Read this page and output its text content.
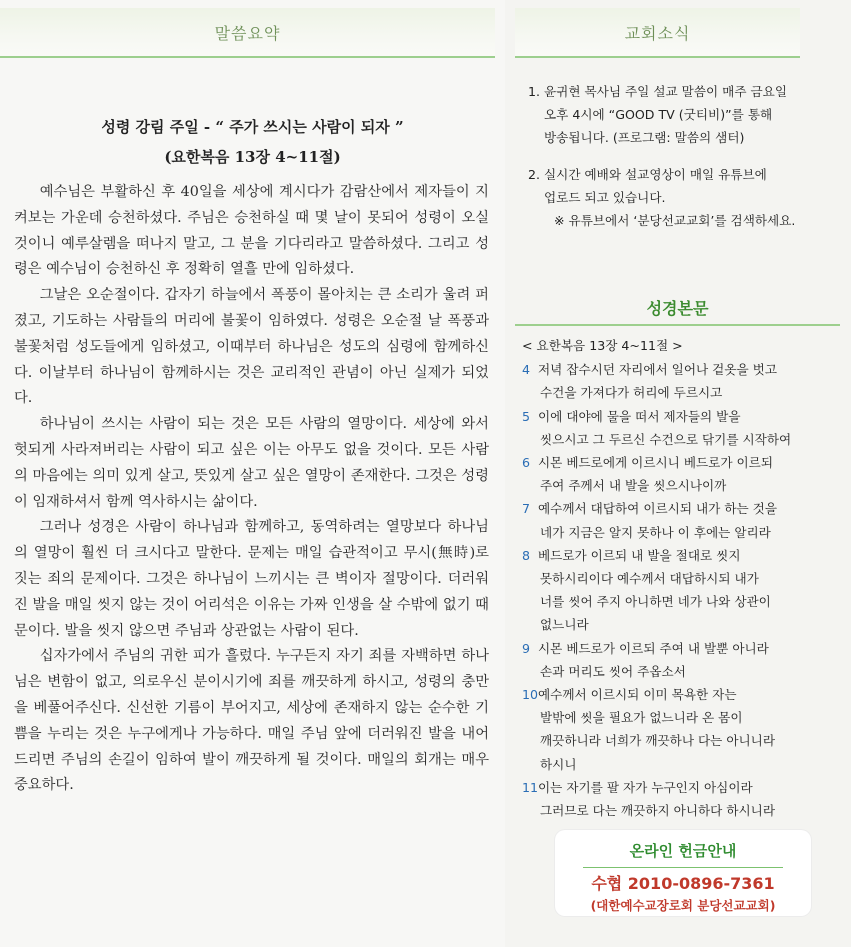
말씀요약	교회소식
성령 강림 주일 - “ 주가 쓰시는 사람이 되자 ”
(요한복음 13장 4~11절)

예수님은 부활하신 후 40일을 세상에 계시다가 감람산에서 제자들이 지켜보는 가운데 승천하셨다. 주님은 승천하실 때 몇 날이 못되어 성령이 오실 것이니 예루살렘을 떠나지 말고, 그 분을 기다리라고 말씀하셨다. 그리고 성령은 예수님이 승천하신 후 정확히 열흘 만에 임하셨다.

그날은 오순절이다. 갑자기 하늘에서 폭풍이 몰아치는 큰 소리가 울려 퍼졌고, 기도하는 사람들의 머리에 불꽃이 임하였다. 성령은 오순절 날 폭풍과 불꽃처럼 성도들에게 임하셨고, 이때부터 하나님은 성도의 심령에 함께하신다. 이날부터 하나님이 함께하시는 것은 교리적인 관념이 아닌 실제가 되었다.

하나님이 쓰시는 사람이 되는 것은 모든 사람의 열망이다. 세상에 와서 헛되게 사라져버리는 사람이 되고 싶은 이는 아무도 없을 것이다. 모든 사람의 마음에는 의미 있게 살고, 뜻있게 살고 싶은 열망이 존재한다. 그것은 성령이 임재하셔서 함께 역사하시는 삶이다.

그러나 성경은 사람이 하나님과 함께하고, 동역하려는 열망보다 하나님의 열망이 훨씬 더 크시다고 말한다. 문제는 매일 습관적이고 무시(無時)로 짓는 죄의 문제이다. 그것은 하나님이 느끼시는 큰 벽이자 절망이다. 더러워진 발을 매일 씻지 않는 것이 어리석은 이유는 가짜 인생을 살 수밖에 없기 때문이다. 발을 씻지 않으면 주님과 상관없는 사람이 된다.

십자가에서 주님의 귀한 피가 흘렀다. 누구든지 자기 죄를 자백하면 하나님은 변함이 없고, 의로우신 분이시기에 죄를 깨끗하게 하시고, 성령의 충만을 베풀어주신다. 신선한 기름이 부어지고, 세상에 존재하지 않는 순수한 기쁨을 누리는 것은 누구에게나 가능하다. 매일 주님 앞에 더러워진 발을 내어드리면 주님의 손길이 임하여 발이 깨끗하게 될 것이다. 매일의 회개는 매우 중요하다.

1. 윤귀현 목사님 주일 설교 말씀이 매주 금요일
오후 4시에 “GOOD TV (굿티비)”를 통해
방송됩니다. (프로그램: 말씀의 샘터)
2. 실시간 예배와 설교영상이 매일 유튜브에
업로드 되고 있습니다.
※ 유튜브에서 ‘분당선교교회’를 검색하세요.
성경본문
< 요한복음 13장 4~11절 >
4 저녁 잡수시던 자리에서 일어나 겉옷을 벗고
수건을 가져다가 허리에 두르시고
5 이에 대야에 물을 떠서 제자들의 발을
씻으시고 그 두르신 수건으로 닦기를 시작하여
6 시몬 베드로에게 이르시니 베드로가 이르되
주여 주께서 내 발을 씻으시나이까
7 예수께서 대답하여 이르시되 내가 하는 것을
네가 지금은 알지 못하나 이 후에는 알리라
8 베드로가 이르되 내 발을 절대로 씻지
못하시리이다 예수께서 대답하시되 내가
너를 씻어 주지 아니하면 네가 나와 상관이
없느니라
9 시몬 베드로가 이르되 주여 내 발뿐 아니라
손과 머리도 씻어 주옵소서
10 예수께서 이르시되 이미 목욕한 자는
발밖에 씻을 필요가 없느니라 온 몸이
깨끗하니라 너희가 깨끗하나 다는 아니니라
하시니
11 이는 자기를 팔 자가 누구인지 아심이라
그러므로 다는 깨끗하지 아니하다 하시니라
온라인 헌금안내
수협 2010-0896-7361
(대한예수교장로회 분당선교교회)
